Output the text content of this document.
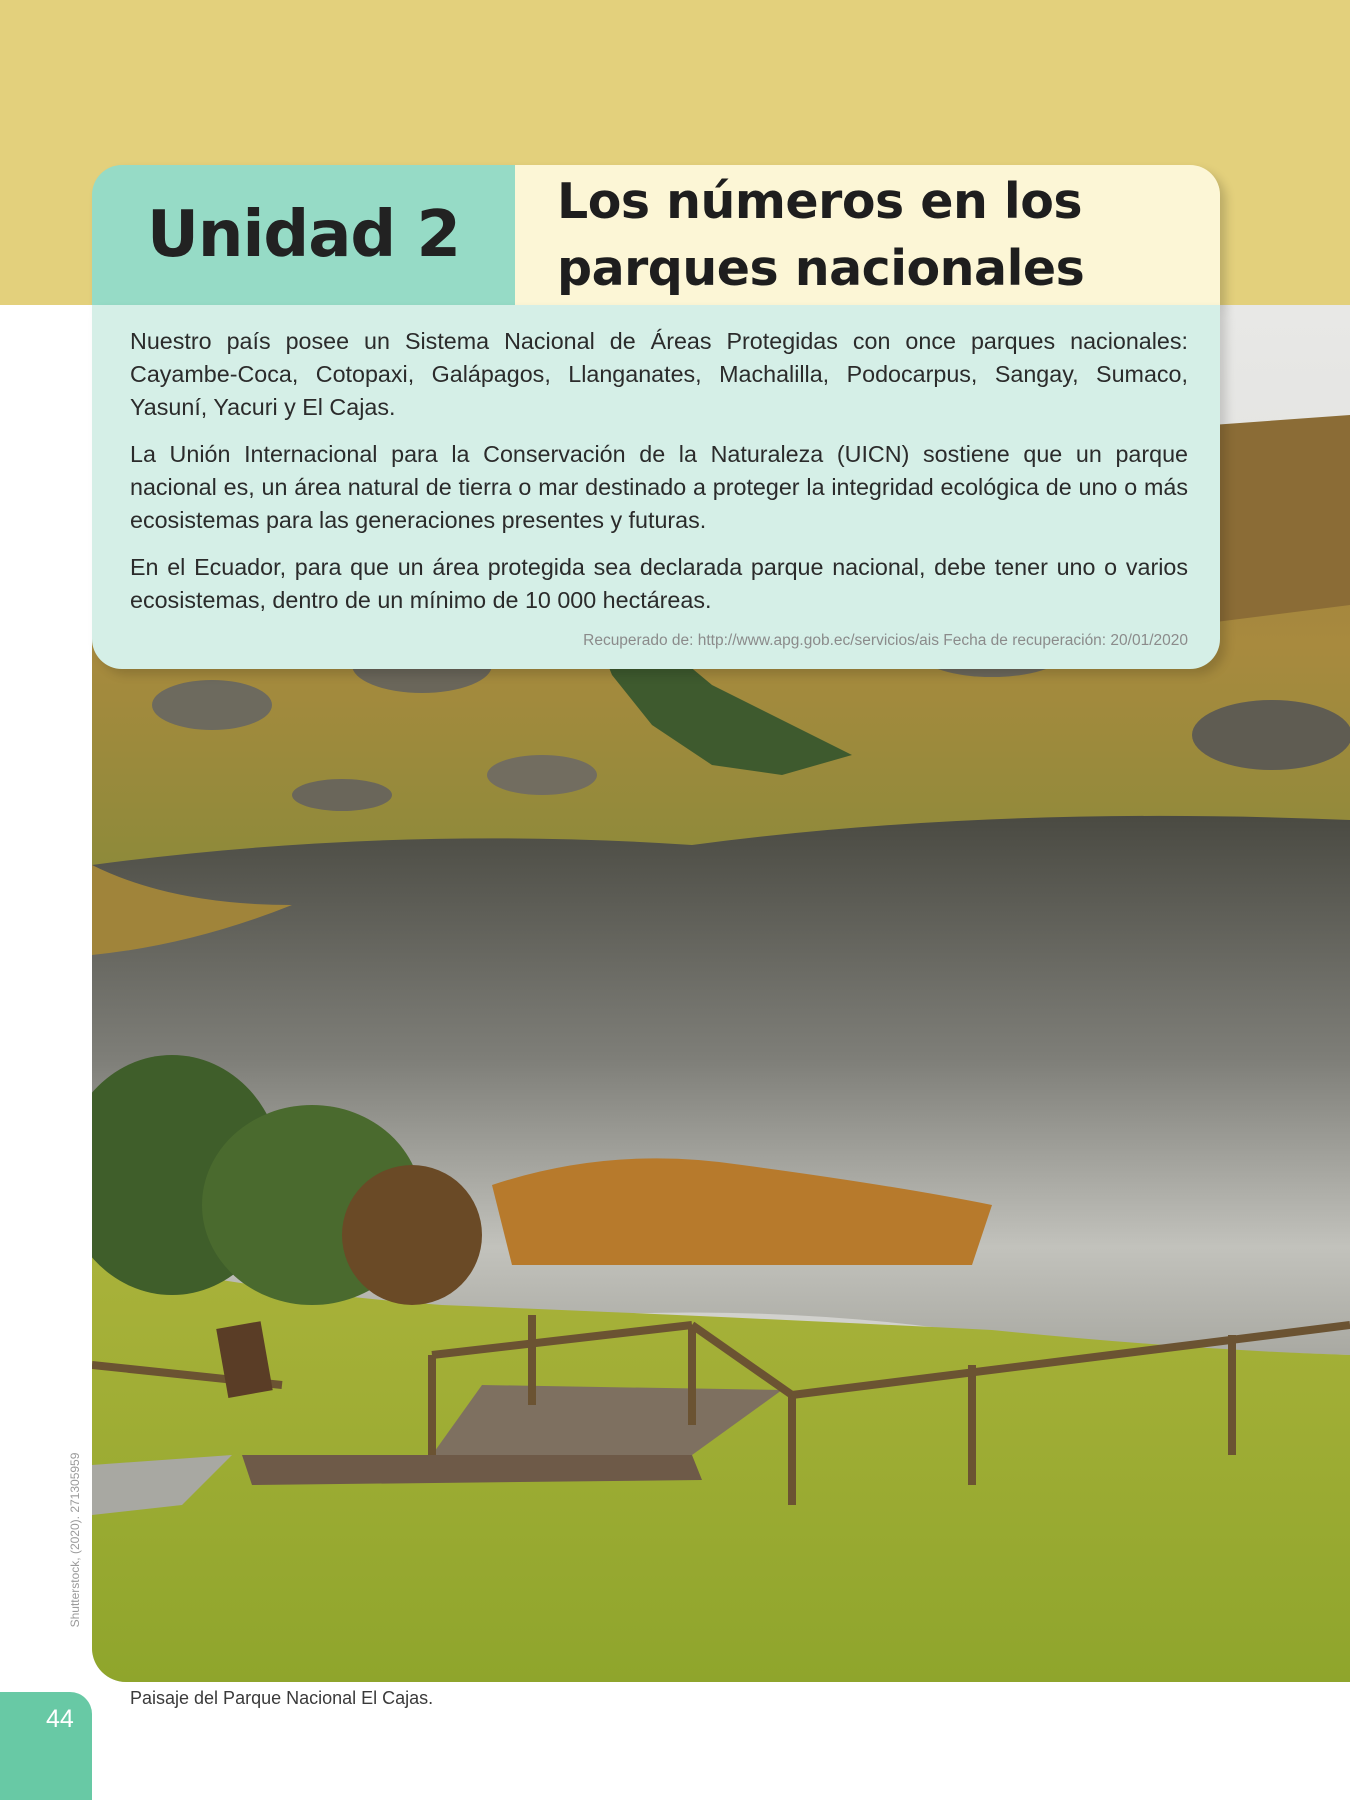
Unidad 2	Los números en los
parques nacionales

Nuestro país posee un Sistema Nacional de Áreas Protegidas con once parques nacionales: Cayambe-Coca, Cotopaxi, Galápagos, Llanganates, Machalilla, Podocarpus, Sangay, Sumaco, Yasuní, Yacuri y El Cajas.

La Unión Internacional para la Conservación de la Naturaleza (UICN) sostiene que un parque nacional es, un área natural de tierra o mar destinado a proteger la integridad ecológica de uno o más ecosistemas para las generaciones presentes y futuras.

En el Ecuador, para que un área protegida sea declarada parque nacional, debe tener uno o varios ecosistemas, dentro de un mínimo de 10 000 hectáreas.

Recuperado de: http://www.apg.gob.ec/servicios/ais Fecha de recuperación: 20/01/2020

Shutterstock, (2020). 271305959
Paisaje del Parque Nacional El Cajas.
44
